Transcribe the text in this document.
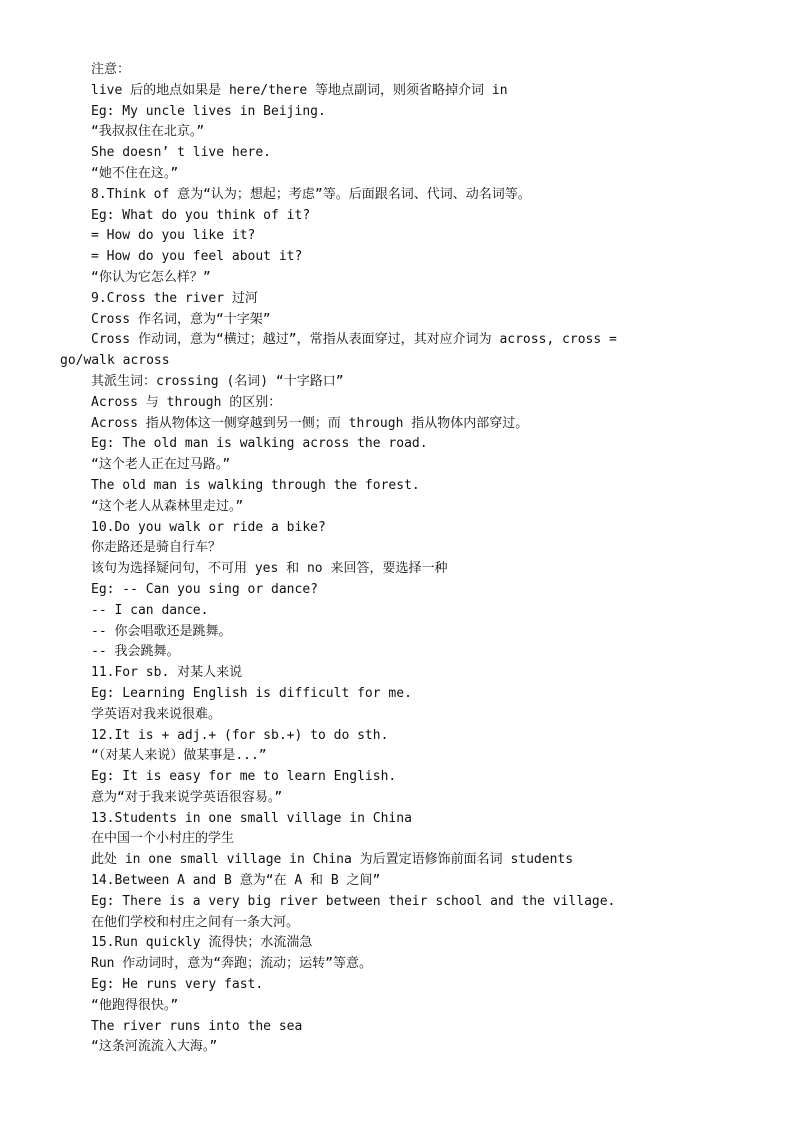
注意：
live 后的地点如果是 here/there 等地点副词，则须省略掉介词 in
Eg: My uncle lives in Beijing.
“我叔叔住在北京。”
She doesn’ t live here.
“她不住在这。”
8.Think of 意为“认为；想起；考虑”等。后面跟名词、代词、动名词等。
Eg: What do you think of it?
= How do you like it?
= How do you feel about it?
“你认为它怎么样？”
9.Cross the river 过河
Cross 作名词，意为“十字架”
Cross 作动词，意为“横过；越过”，常指从表面穿过，其对应介词为 across, cross =
go/walk across
其派生词：crossing (名词) “十字路口”
Across 与 through 的区别：
Across 指从物体这一侧穿越到另一侧；而 through 指从物体内部穿过。
Eg: The old man is walking across the road.
“这个老人正在过马路。”
The old man is walking through the forest.
“这个老人从森林里走过。”
10.Do you walk or ride a bike?
你走路还是骑自行车？
该句为选择疑问句，不可用 yes 和 no 来回答，要选择一种
Eg: -- Can you sing or dance?
-- I can dance.
-- 你会唱歌还是跳舞。
-- 我会跳舞。
11.For sb. 对某人来说
Eg: Learning English is difficult for me.
学英语对我来说很难。
12.It is + adj.+ (for sb.+) to do sth.
“（对某人来说）做某事是...”
Eg: It is easy for me to learn English.
意为“对于我来说学英语很容易。”
13.Students in one small village in China
在中国一个小村庄的学生
此处 in one small village in China 为后置定语修饰前面名词 students
14.Between A and B 意为“在 A 和 B 之间”
Eg: There is a very big river between their school and the village.
在他们学校和村庄之间有一条大河。
15.Run quickly 流得快；水流湍急
Run 作动词时，意为“奔跑；流动；运转”等意。
Eg: He runs very fast.
“他跑得很快。”
The river runs into the sea
“这条河流流入大海。”
